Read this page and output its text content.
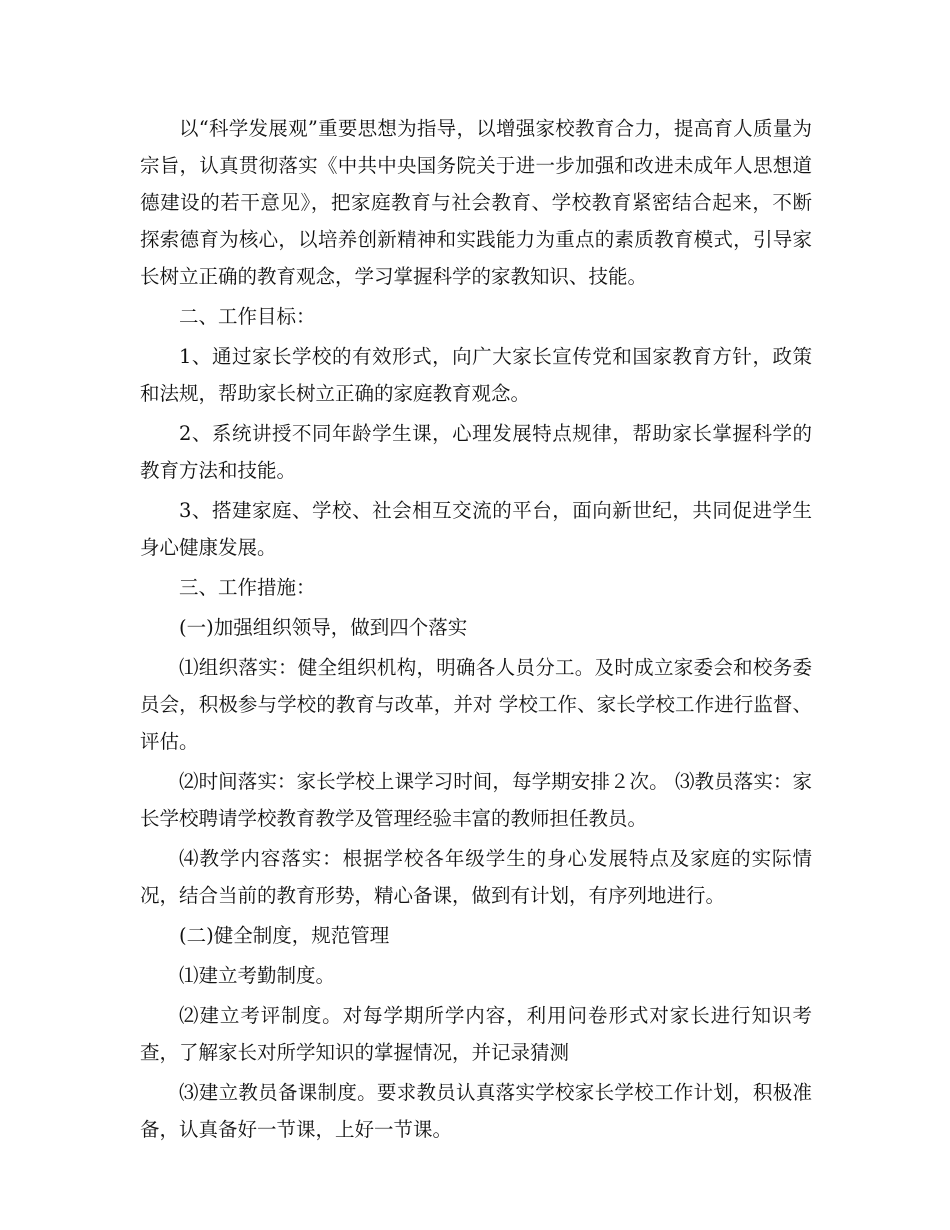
以“科学发展观”重要思想为指导，以增强家校教育合力，提高育人质量为宗旨，认真贯彻落实《中共中央国务院关于进一步加强和改进未成年人思想道德建设的若干意见》，把家庭教育与社会教育、学校教育紧密结合起来，不断探索德育为核心，以培养创新精神和实践能力为重点的素质教育模式，引导家长树立正确的教育观念，学习掌握科学的家教知识、技能。

二、工作目标：

1、通过家长学校的有效形式，向广大家长宣传党和国家教育方针，政策和法规，帮助家长树立正确的家庭教育观念。

2、系统讲授不同年龄学生课，心理发展特点规律，帮助家长掌握科学的教育方法和技能。

3、搭建家庭、学校、社会相互交流的平台，面向新世纪，共同促进学生身心健康发展。

三、工作措施：

(一)加强组织领导，做到四个落实

⑴组织落实：健全组织机构，明确各人员分工。及时成立家委会和校务委员会，积极参与学校的教育与改革，并对 学校工作、家长学校工作进行监督、评估。

⑵时间落实：家长学校上课学习时间，每学期安排２次。 ⑶教员落实：家长学校聘请学校教育教学及管理经验丰富的教师担任教员。

⑷教学内容落实：根据学校各年级学生的身心发展特点及家庭的实际情况，结合当前的教育形势，精心备课，做到有计划，有序列地进行。

(二)健全制度，规范管理

⑴建立考勤制度。

⑵建立考评制度。对每学期所学内容，利用问卷形式对家长进行知识考查，了解家长对所学知识的掌握情况，并记录猜测

⑶建立教员备课制度。要求教员认真落实学校家长学校工作计划，积极准备，认真备好一节课，上好一节课。
